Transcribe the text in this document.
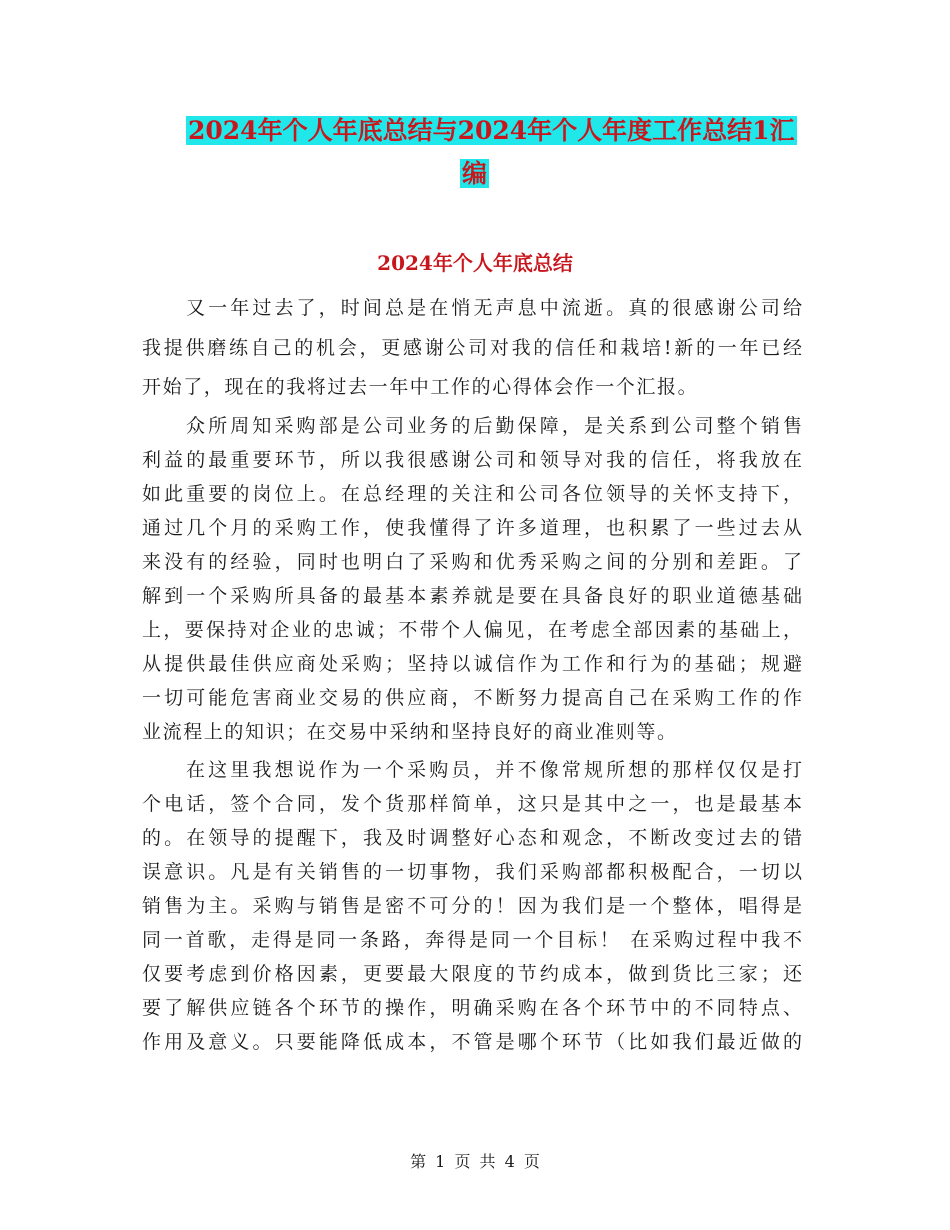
2024年个人年底总结与2024年个人年度工作总结1汇
编
2024年个人年底总结
又一年过去了，时间总是在悄无声息中流逝。真的很感谢公司给
我提供磨练自己的机会，更感谢公司对我的信任和栽培!新的一年已经
开始了，现在的我将过去一年中工作的心得体会作一个汇报。
众所周知采购部是公司业务的后勤保障，是关系到公司整个销售
利益的最重要环节，所以我很感谢公司和领导对我的信任，将我放在
如此重要的岗位上。在总经理的关注和公司各位领导的关怀支持下，
通过几个月的采购工作，使我懂得了许多道理，也积累了一些过去从
来没有的经验，同时也明白了采购和优秀采购之间的分别和差距。了
解到一个采购所具备的最基本素养就是要在具备良好的职业道德基础
上，要保持对企业的忠诚；不带个人偏见，在考虑全部因素的基础上，
从提供最佳供应商处采购；坚持以诚信作为工作和行为的基础；规避
一切可能危害商业交易的供应商，不断努力提高自己在采购工作的作
业流程上的知识；在交易中采纳和坚持良好的商业准则等。
在这里我想说作为一个采购员，并不像常规所想的那样仅仅是打
个电话，签个合同，发个货那样简单，这只是其中之一，也是最基本
的。在领导的提醒下，我及时调整好心态和观念，不断改变过去的错
误意识。凡是有关销售的一切事物，我们采购部都积极配合，一切以
销售为主。采购与销售是密不可分的！因为我们是一个整体，唱得是
同一首歌，走得是同一条路，奔得是同一个目标！ 在采购过程中我不
仅要考虑到价格因素，更要最大限度的节约成本，做到货比三家；还
要了解供应链各个环节的操作，明确采购在各个环节中的不同特点、
作用及意义。只要能降低成本，不管是哪个环节（比如我们最近做的
第 1 页 共 4 页
